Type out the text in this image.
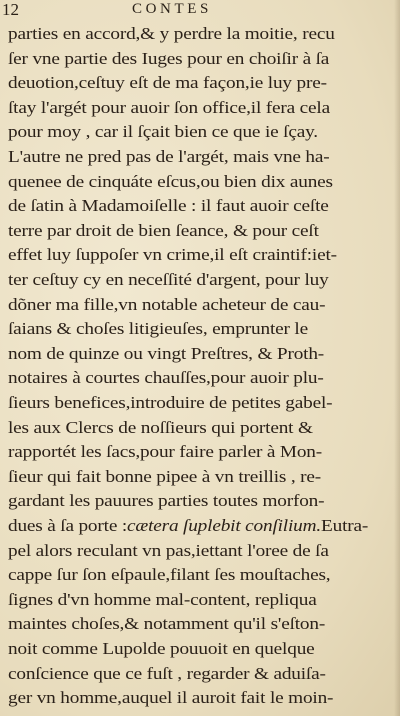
12	CONTES
parties en accord,& y perdre la moitie, recu
ſer vne partie des Iuges pour en choiſir à ſa
deuotion,ceſtuy eſt de ma façon,ie luy pre-
ſtay l'argét pour auoir ſon office,il fera cela
pour moy , car il ſçait bien ce que ie ſçay.
L'autre ne pred pas de l'argét, mais vne ha-
quenee de cinquáte eſcus,ou bien dix aunes
de ſatin à Madamoiſelle : il faut auoir ceſte
terre par droit de bien ſeance, & pour ceſt
effet luy ſuppoſer vn crime,il eſt craintif:iet-
ter ceſtuy cy en neceſſité d'argent, pour luy
dõner ma fille,vn notable acheteur de cau-
ſaians & choſes litigieuſes, emprunter le
nom de quinze ou vingt Preſtres, & Proth-
notaires à courtes chauſſes,pour auoir plu-
ſieurs benefices,introduire de petites gabel-
les aux Clercs de noſſieurs qui portent &
rapportét les ſacs,pour faire parler à Mon-
ſieur qui fait bonne pipee à vn treillis , re-
gardant les pauures parties toutes morfon-
dues à ſa porte :cætera ſuplebit conſilium.Eutra-
pel alors reculant vn pas,iettant l'oree de ſa
cappe ſur ſon eſpaule,filant ſes mouſtaches,
ſignes d'vn homme mal-content, repliqua
maintes choſes,& notamment qu'il s'eſton-
noit comme Lupolde pouuoit en quelque
conſcience que ce fuſt , regarder & aduiſa-
ger vn homme,auquel il auroit fait le moin-
